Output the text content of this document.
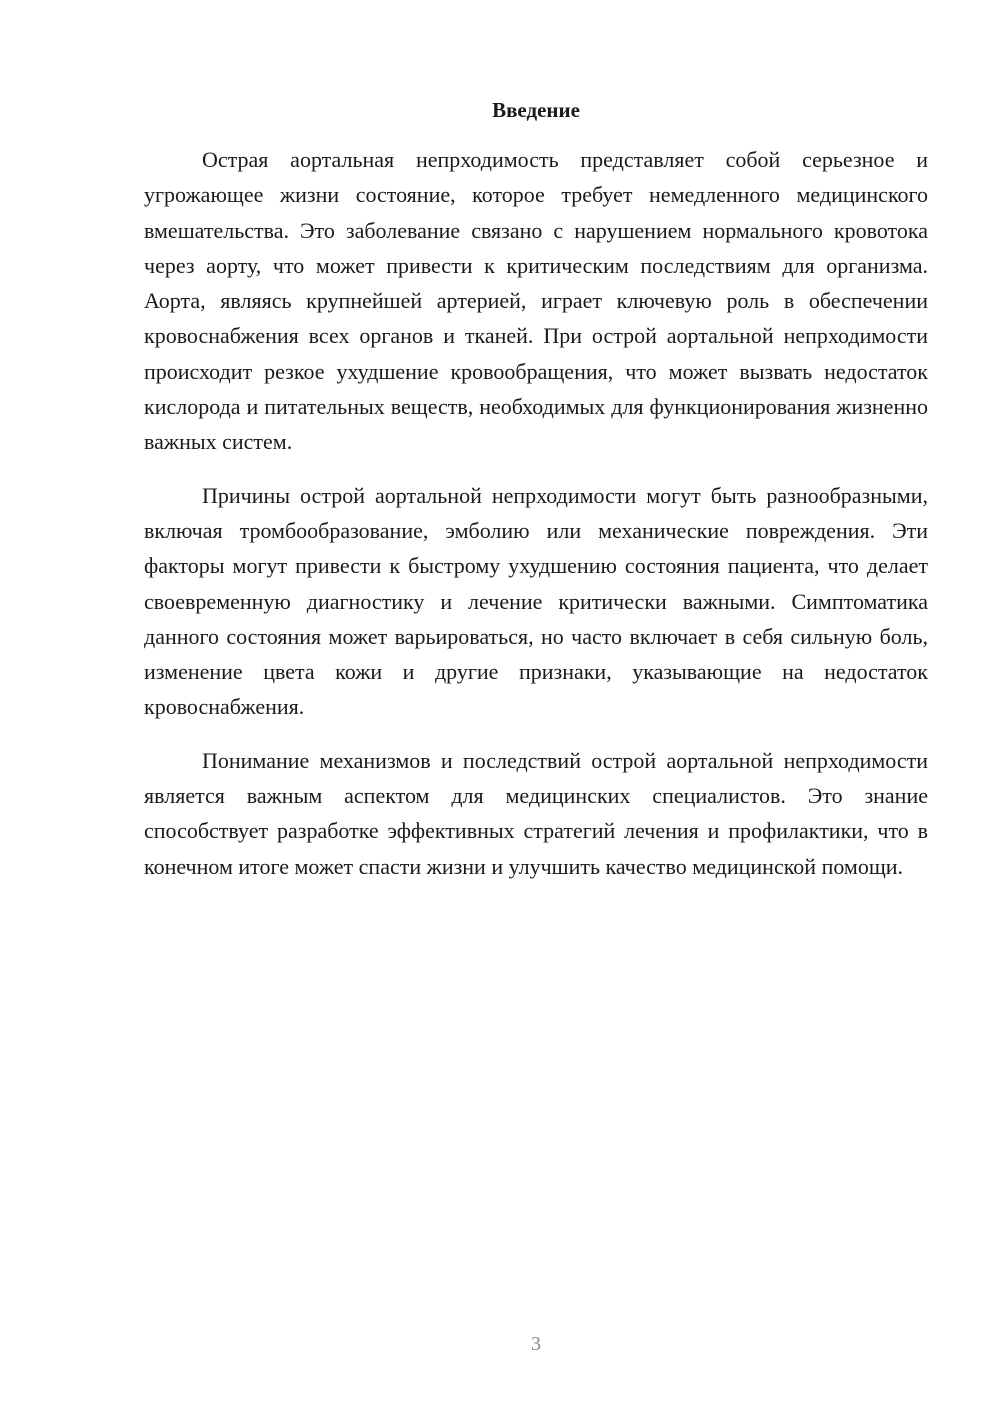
Введение

Острая аортальная непрходимость представляет собой серьезное и угрожающее жизни состояние, которое требует немедленного медицинского вмешательства. Это заболевание связано с нарушением нормального кровотока через аорту, что может привести к критическим последствиям для организма. Аорта, являясь крупнейшей артерией, играет ключевую роль в обеспечении кровоснабжения всех органов и тканей. При острой аортальной непрходимости происходит резкое ухудшение кровообращения, что может вызвать недостаток кислорода и питательных веществ, необходимых для функционирования жизненно важных систем.

Причины острой аортальной непрходимости могут быть разнообразными, включая тромбообразование, эмболию или механические повреждения. Эти факторы могут привести к быстрому ухудшению состояния пациента, что делает своевременную диагностику и лечение критически важными. Симптоматика данного состояния может варьироваться, но часто включает в себя сильную боль, изменение цвета кожи и другие признаки, указывающие на недостаток кровоснабжения.

Понимание механизмов и последствий острой аортальной непрходимости является важным аспектом для медицинских специалистов. Это знание способствует разработке эффективных стратегий лечения и профилактики, что в конечном итоге может спасти жизни и улучшить качество медицинской помощи.

3
